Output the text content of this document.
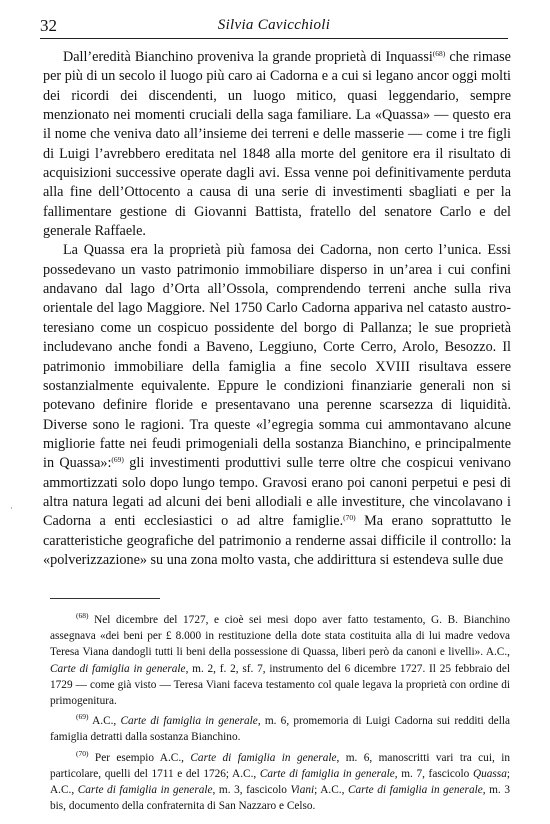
32	Silvia Cavicchioli

Dall’eredità Bianchino proveniva la grande proprietà di Inquassi$^{(68)}$ che rimase per più di un secolo il luogo più caro ai Cadorna e a cui si legano ancor oggi molti dei ricordi dei discendenti, un luogo mitico, quasi leggendario, sempre menzionato nei momenti cruciali della saga familiare. La «Quassa» — questo era il nome che veniva dato all’insieme dei terreni e delle masserie — come i tre figli di Luigi l’avrebbero ereditata nel 1848 alla morte del genitore era il risultato di acquisizioni successive operate dagli avi. Essa venne poi definitivamente perduta alla fine dell’Ottocento a causa di una serie di investimenti sbagliati e per la fallimentare gestione di Giovanni Battista, fratello del senatore Carlo e del generale Raffaele.

La Quassa era la proprietà più famosa dei Cadorna, non certo l’unica. Essi possedevano un vasto patrimonio immobiliare disperso in un’area i cui confini andavano dal lago d’Orta all’Ossola, comprendendo terreni anche sulla riva orientale del lago Maggiore. Nel 1750 Carlo Cadorna appariva nel catasto austro-teresiano come un cospicuo possidente del borgo di Pallanza; le sue proprietà includevano anche fondi a Baveno, Leggiuno, Corte Cerro, Arolo, Besozzo. Il patrimonio immobiliare della famiglia a fine secolo XVIII risultava essere sostanzialmente equivalente. Eppure le condizioni finanziarie generali non si potevano definire floride e presentavano una perenne scarsezza di liquidità. Diverse sono le ragioni. Tra queste «l’egregia somma cui ammontavano alcune migliorie fatte nei feudi primogeniali della sostanza Bianchino, e principalmente in Quassa»:$^{(69)}$ gli investimenti produttivi sulle terre oltre che cospicui venivano ammortizzati solo dopo lungo tempo. Gravosi erano poi canoni perpetui e pesi di altra natura legati ad alcuni dei beni allodiali e alle investiture, che vincolavano i Cadorna a enti ecclesiastici o ad altre famiglie.$^{(70)}$ Ma erano soprattutto le caratteristiche geografiche del patrimonio a renderne assai difficile il controllo: la «polverizzazione» su una zona molto vasta, che addirittura si estendeva sulle due

$^{(68)}$ Nel dicembre del 1727, e cioè sei mesi dopo aver fatto testamento, G. B. Bianchino assegnava «dei beni per £ 8.000 in restituzione della dote stata costituita alla di lui madre vedova Teresa Viana dandogli tutti li beni della possessione di Quassa, liberi però da canoni e livelli». A.C., Carte di famiglia in generale, m. 2, f. 2, sf. 7, instrumento del 6 dicembre 1727. Il 25 febbraio del 1729 — come già visto — Teresa Viani faceva testamento col quale legava la proprietà con ordine di primogenitura.

$^{(69)}$ A.C., Carte di famiglia in generale, m. 6, promemoria di Luigi Cadorna sui redditi della famiglia detratti dalla sostanza Bianchino.

$^{(70)}$ Per esempio A.C., Carte di famiglia in generale, m. 6, manoscritti vari tra cui, in particolare, quelli del 1711 e del 1726; A.C., Carte di famiglia in generale, m. 7, fascicolo Quassa; A.C., Carte di famiglia in generale, m. 3, fascicolo Viani; A.C., Carte di famiglia in generale, m. 3 bis, documento della confraternita di San Nazzaro e Celso.

·
